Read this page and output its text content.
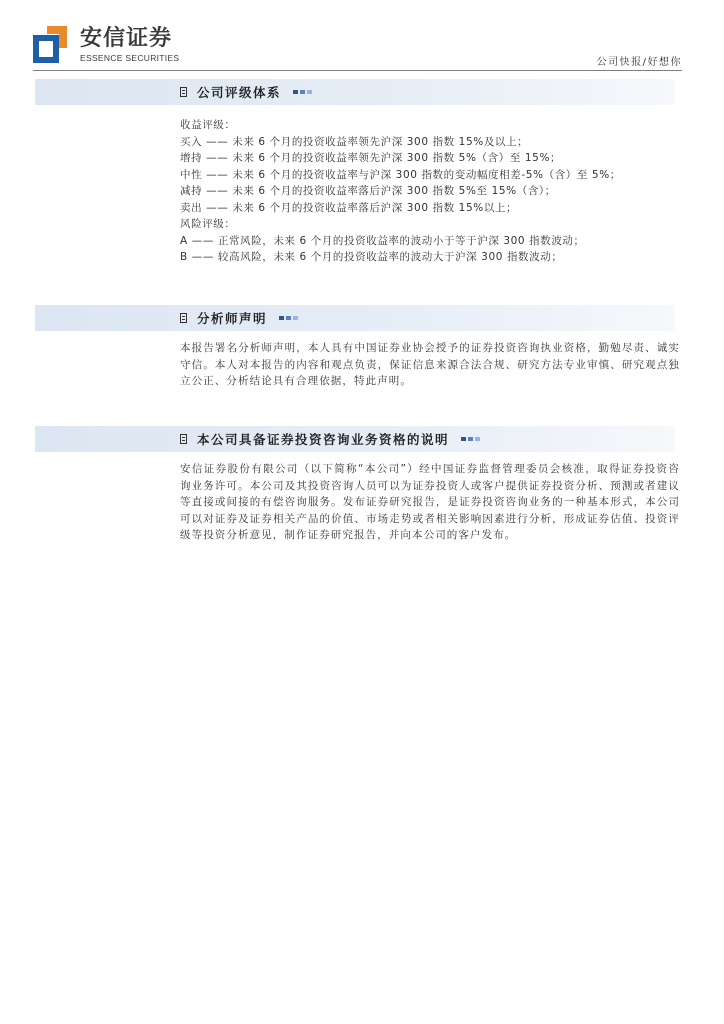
安信证券
ESSENCE SECURITIES	公司快报/好想你
公司评级体系
收益评级：
买入 —— 未来 6 个月的投资收益率领先沪深 300 指数 15%及以上；
增持 —— 未来 6 个月的投资收益率领先沪深 300 指数 5%（含）至 15%；
中性 —— 未来 6 个月的投资收益率与沪深 300 指数的变动幅度相差-5%（含）至 5%；
减持 —— 未来 6 个月的投资收益率落后沪深 300 指数 5%至 15%（含）；
卖出 —— 未来 6 个月的投资收益率落后沪深 300 指数 15%以上；
风险评级：
A —— 正常风险，未来 6 个月的投资收益率的波动小于等于沪深 300 指数波动；
B —— 较高风险，未来 6 个月的投资收益率的波动大于沪深 300 指数波动；
分析师声明
本报告署名分析师声明，本人具有中国证券业协会授予的证券投资咨询执业资格，勤勉尽责、诚实守信。本人对本报告的内容和观点负责，保证信息来源合法合规、研究方法专业审慎、研究观点独立公正、分析结论具有合理依据，特此声明。
本公司具备证券投资咨询业务资格的说明
安信证券股份有限公司（以下简称“本公司”）经中国证券监督管理委员会核准，取得证券投资咨询业务许可。本公司及其投资咨询人员可以为证券投资人或客户提供证券投资分析、预测或者建议等直接或间接的有偿咨询服务。发布证券研究报告，是证券投资咨询业务的一种基本形式，本公司可以对证券及证券相关产品的价值、市场走势或者相关影响因素进行分析，形成证券估值、投资评级等投资分析意见，制作证券研究报告，并向本公司的客户发布。
